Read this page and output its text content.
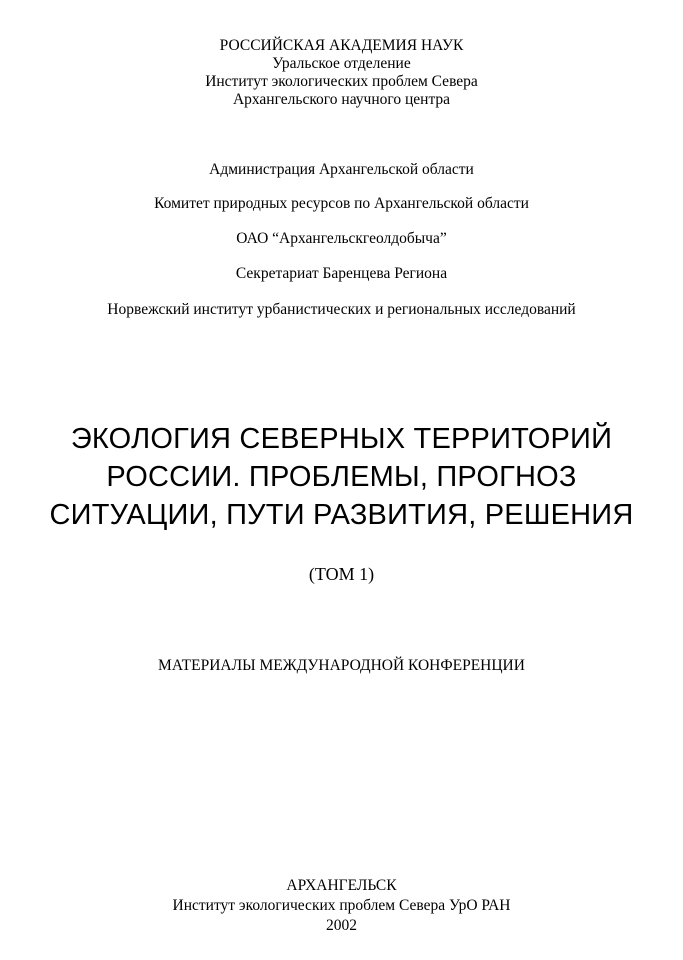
РОССИЙСКАЯ АКАДЕМИЯ НАУК
Уральское отделение
Институт экологических проблем Севера
Архангельского научного центра
Администрация Архангельской области
Комитет природных ресурсов по Архангельской области
ОАО “Архангельскгеолдобыча”
Секретариат Баренцева Региона
Норвежский институт урбанистических и региональных исследований
ЭКОЛОГИЯ СЕВЕРНЫХ ТЕРРИТОРИЙ
РОССИИ. ПРОБЛЕМЫ, ПРОГНОЗ
СИТУАЦИИ, ПУТИ РАЗВИТИЯ, РЕШЕНИЯ
(ТОМ 1)
МАТЕРИАЛЫ МЕЖДУНАРОДНОЙ КОНФЕРЕНЦИИ
АРХАНГЕЛЬСК
Институт экологических проблем Севера УрО РАН
2002
